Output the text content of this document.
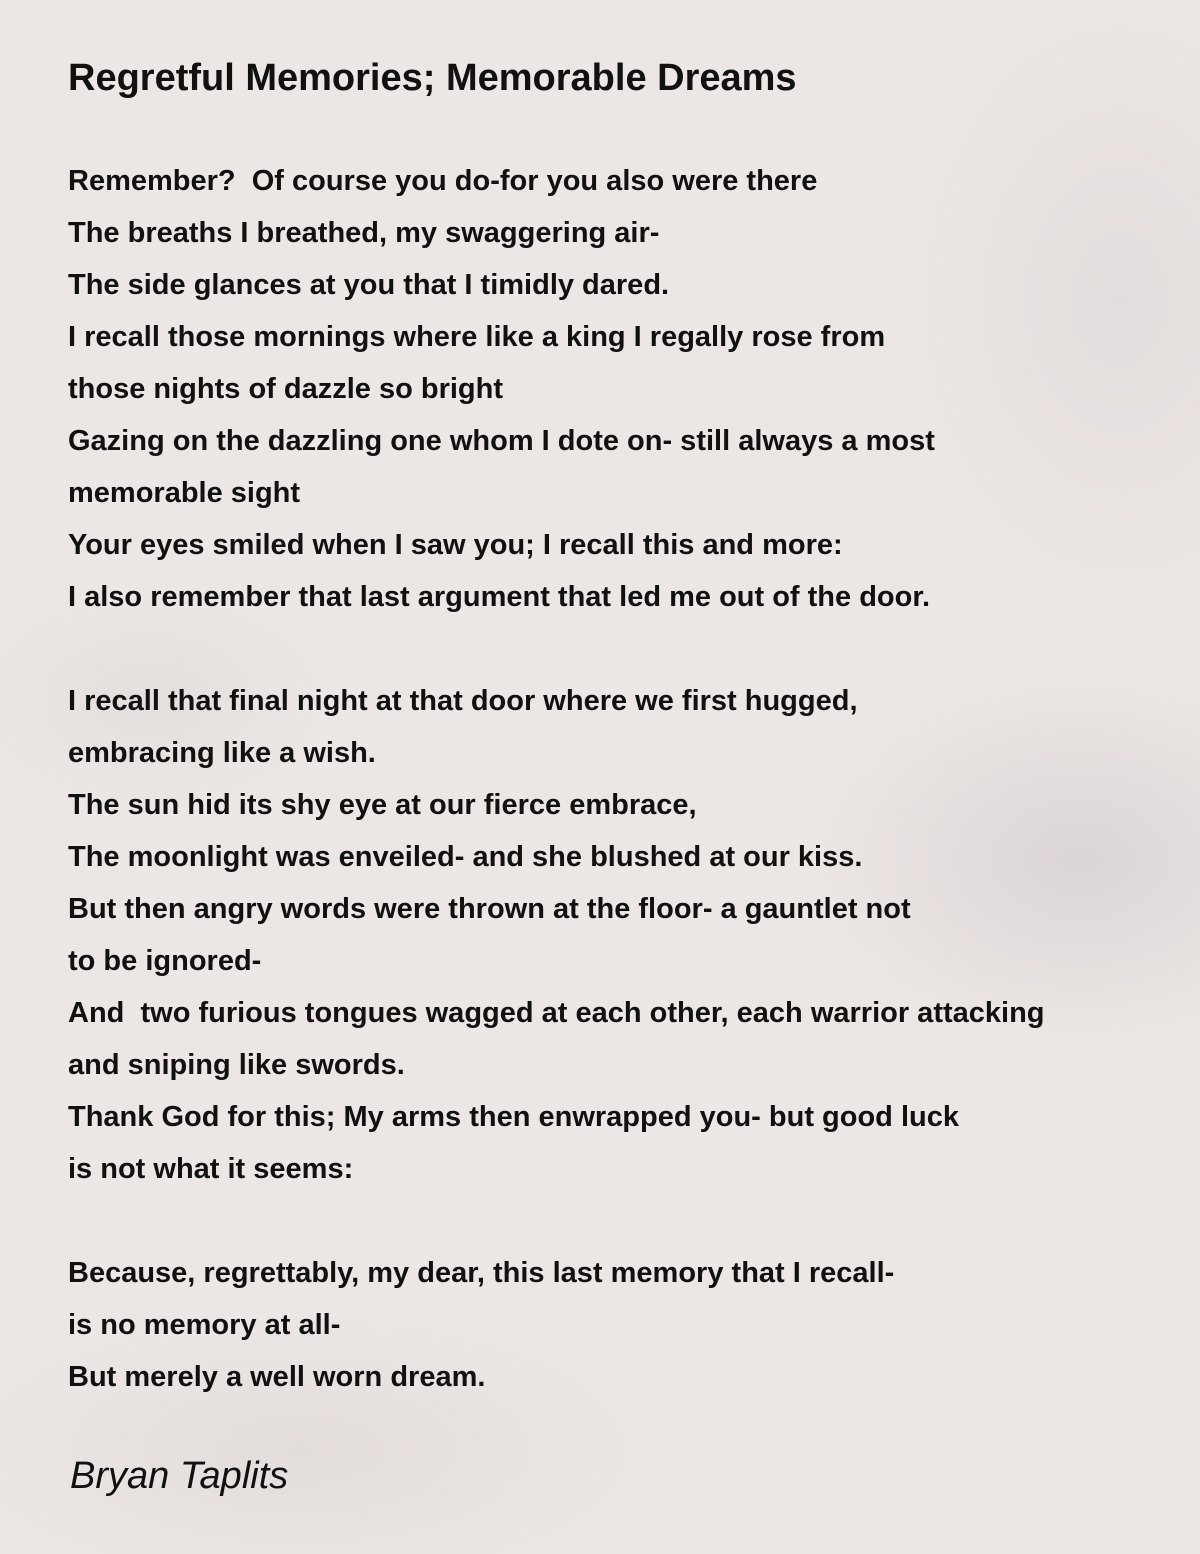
Regretful Memories; Memorable Dreams
Remember?  Of course you do-for you also were there
The breaths I breathed, my swaggering air-
The side glances at you that I timidly dared.
I recall those mornings where like a king I regally rose from
those nights of dazzle so bright
Gazing on the dazzling one whom I dote on- still always a most
memorable sight
Your eyes smiled when I saw you; I recall this and more:
I also remember that last argument that led me out of the door.
I recall that final night at that door where we first hugged,
embracing like a wish.
The sun hid its shy eye at our fierce embrace,
The moonlight was enveiled- and she blushed at our kiss.
But then angry words were thrown at the floor- a gauntlet not
to be ignored-
And  two furious tongues wagged at each other, each warrior attacking
and sniping like swords.
Thank God for this; My arms then enwrapped you- but good luck
is not what it seems:
Because, regrettably, my dear, this last memory that I recall-
is no memory at all-
But merely a well worn dream.
Bryan Taplits
